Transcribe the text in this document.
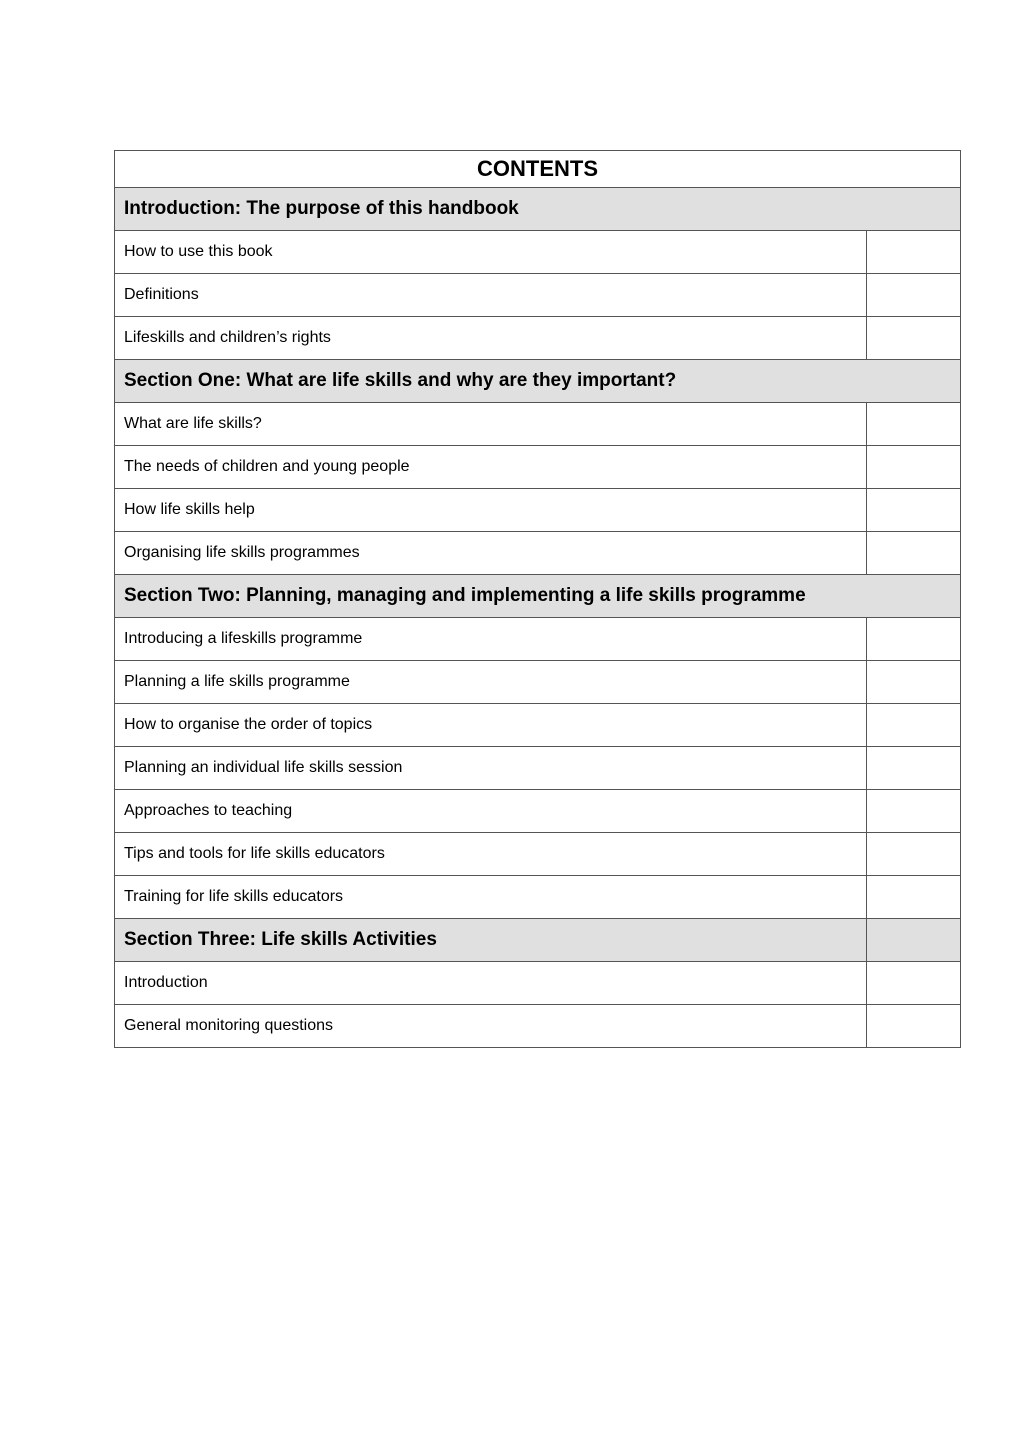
CONTENTS	
Introduction: The purpose of this handbook	
How to use this book	
Definitions	
Lifeskills and children’s rights	
Section One: What are life skills and why are they important?	
What are life skills?	
The needs of children and young people	
How life skills help	
Organising life skills programmes	
Section Two: Planning, managing and implementing a life skills programme	
Introducing a lifeskills programme	
Planning a life skills programme	
How to organise the order of topics	
Planning an individual life skills session	
Approaches to teaching	
Tips and tools for life skills educators	
Training for life skills educators	
Section Three: Life skills Activities	
Introduction	
General monitoring questions	
